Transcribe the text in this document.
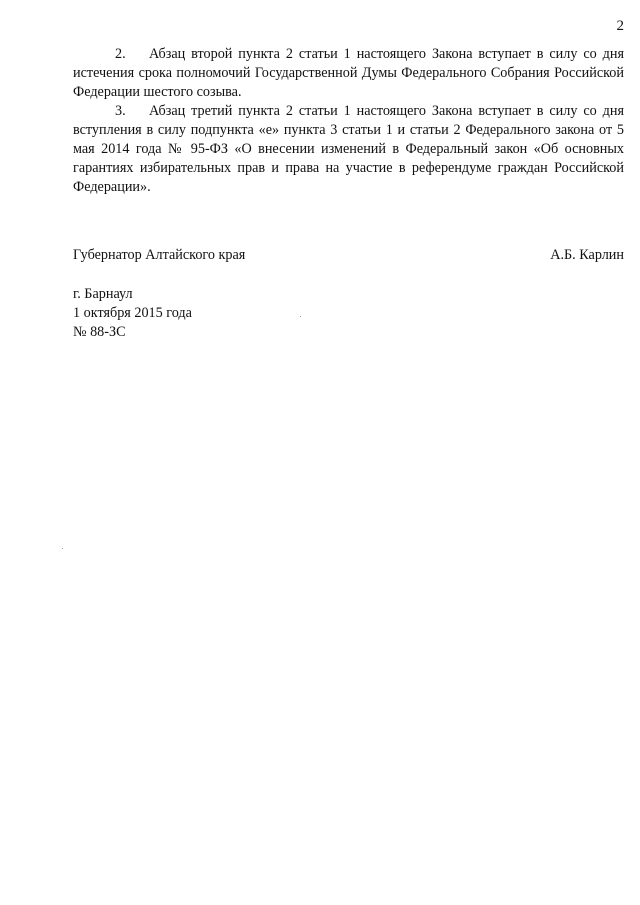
2

2. Абзац второй пункта 2 статьи 1 настоящего Закона вступает в силу со дня истечения срока полномочий Государственной Думы Федерального Собрания Российской Федерации шестого созыва.

3. Абзац третий пункта 2 статьи 1 настоящего Закона вступает в силу со дня вступления в силу подпункта «е» пункта 3 статьи 1 и статьи 2 Федерального закона от 5 мая 2014 года № 95-ФЗ «О внесении изменений в Федеральный закон «Об основных гарантиях избирательных прав и права на участие в референдуме граждан Российской Федерации».

Губернатор Алтайского края	А.Б. Карлин
г. Барнаул
1 октября 2015 года
№ 88-ЗС
